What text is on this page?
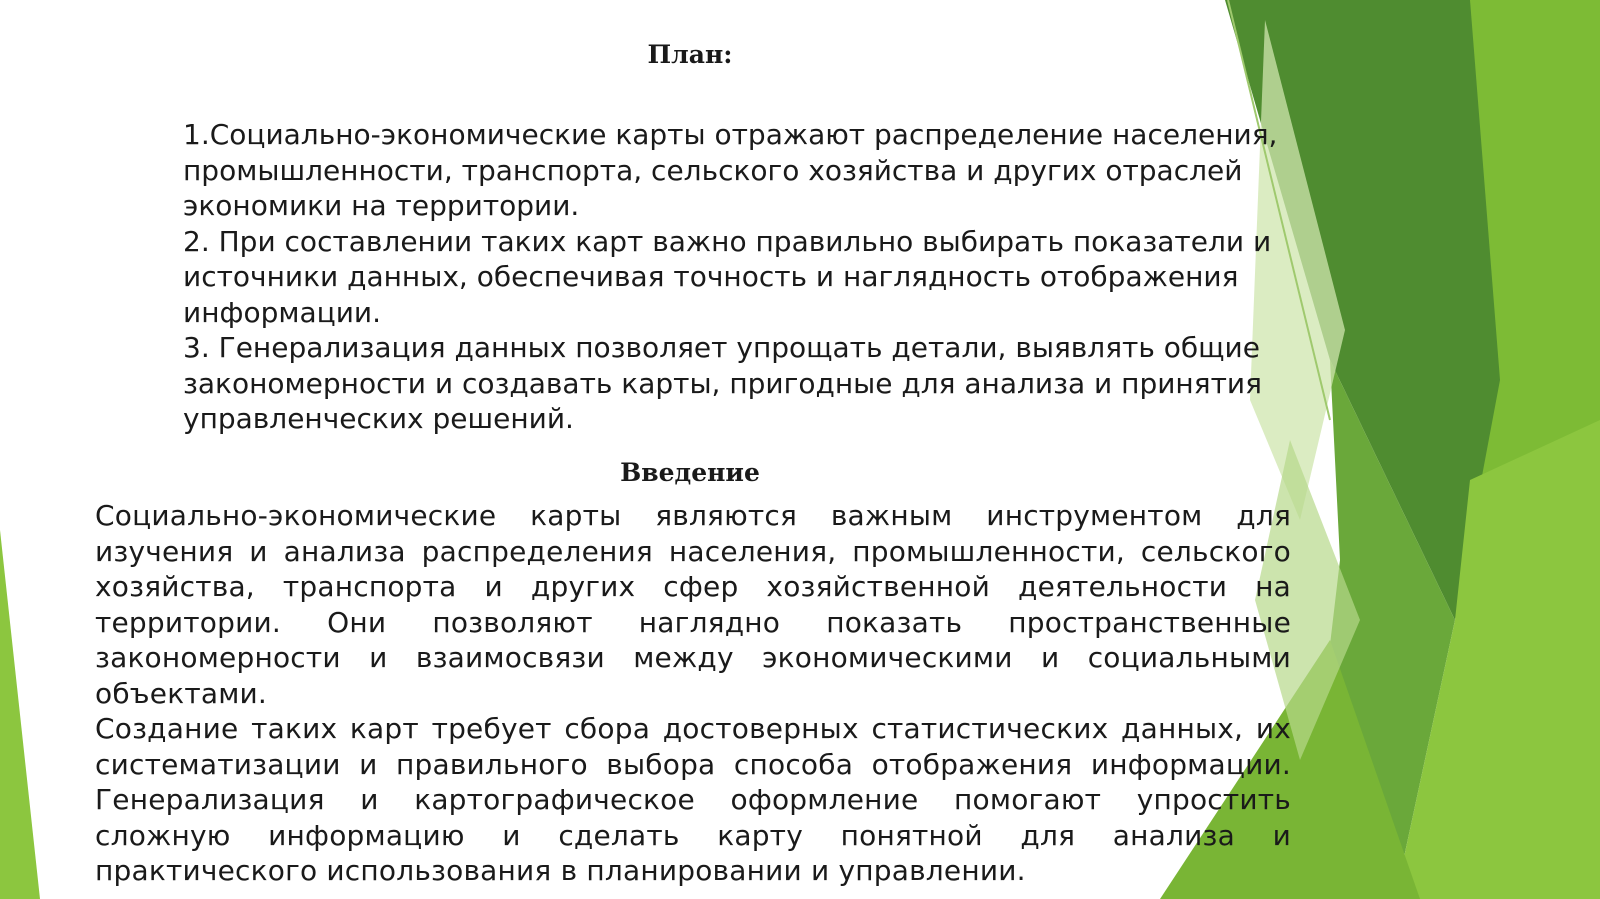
План:

1.Социально-экономические карты отражают распределение населения, промышленности, транспорта, сельского хозяйства и других отраслей экономики на территории.

2. При составлении таких карт важно правильно выбирать показатели и источники данных, обеспечивая точность и наглядность отображения информации.

3. Генерализация данных позволяет упрощать детали, выявлять общие закономерности и создавать карты, пригодные для анализа и принятия управленческих решений.

Введение

Социально-экономические карты являются важным инструментом для изучения и анализа распределения населения, промышленности, сельского хозяйства, транспорта и других сфер хозяйственной деятельности на территории. Они позволяют наглядно показать пространственные закономерности и взаимосвязи между экономическими и социальными объектами.

Создание таких карт требует сбора достоверных статистических данных, их систематизации и правильного выбора способа отображения информации. Генерализация и картографическое оформление помогают упростить сложную информацию и сделать карту понятной для анализа и практического использования в планировании и управлении.
